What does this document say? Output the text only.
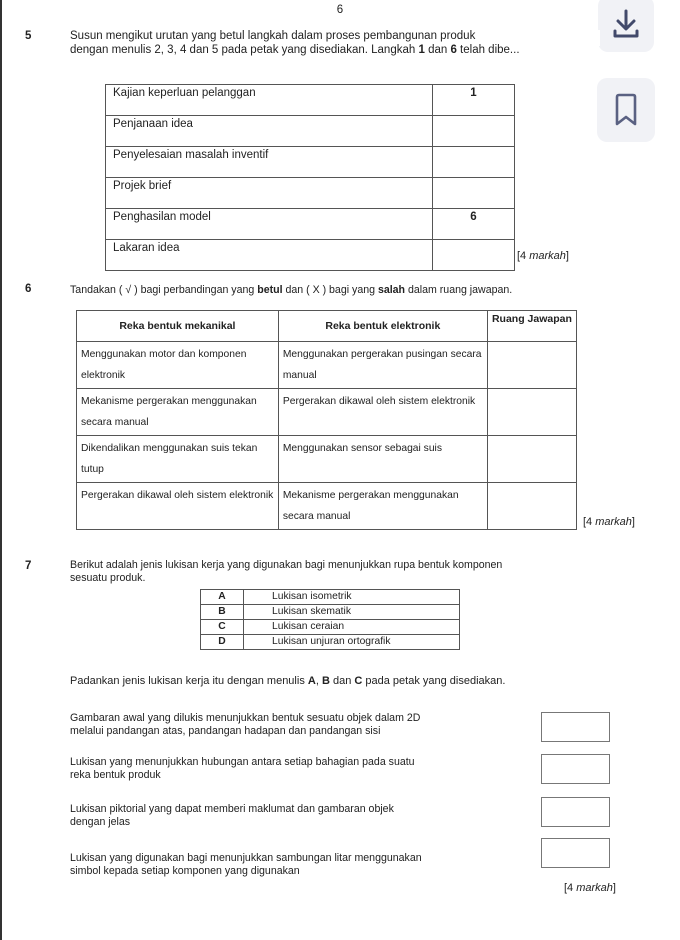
6
5	Susun mengikut urutan yang betul langkah dalam proses pembangunan produk
dengan menulis 2, 3, 4 dan 5 pada petak yang disediakan. Langkah 1 dan 6 telah dibe...
Kajian keperluan pelanggan	1
Penjanaan idea	
Penyelesaian masalah inventif	
Projek brief	
Penghasilan model	6
Lakaran idea	
[4 markah]
6	Tandakan ( √ ) bagi perbandingan yang betul dan ( X ) bagi yang salah dalam ruang jawapan.
Reka bentuk mekanikal	Reka bentuk elektronik	Ruang Jawapan
Menggunakan motor dan komponen elektronik	Menggunakan pergerakan pusingan secara manual	
Mekanisme pergerakan menggunakan secara manual	Pergerakan dikawal oleh sistem elektronik	
Dikendalikan menggunakan suis tekan tutup	Menggunakan sensor sebagai suis	
Pergerakan dikawal oleh sistem elektronik	Mekanisme pergerakan menggunakan secara manual		[4 markah]
7	Berikut adalah jenis lukisan kerja yang digunakan bagi menunjukkan rupa bentuk komponen
sesuatu produk.
A	Lukisan isometrik
B	Lukisan skematik
C	Lukisan ceraian
D	Lukisan unjuran ortografik
Padankan jenis lukisan kerja itu dengan menulis A, B dan C pada petak yang disediakan.
Gambaran awal yang dilukis menunjukkan bentuk sesuatu objek dalam 2D
melalui pandangan atas, pandangan hadapan dan pandangan sisi
Lukisan yang menunjukkan hubungan antara setiap bahagian pada suatu
reka bentuk produk
Lukisan piktorial yang dapat memberi maklumat dan gambaran objek
dengan jelas
Lukisan yang digunakan bagi menunjukkan sambungan litar menggunakan
simbol kepada setiap komponen yang digunakan
[4 markah]
